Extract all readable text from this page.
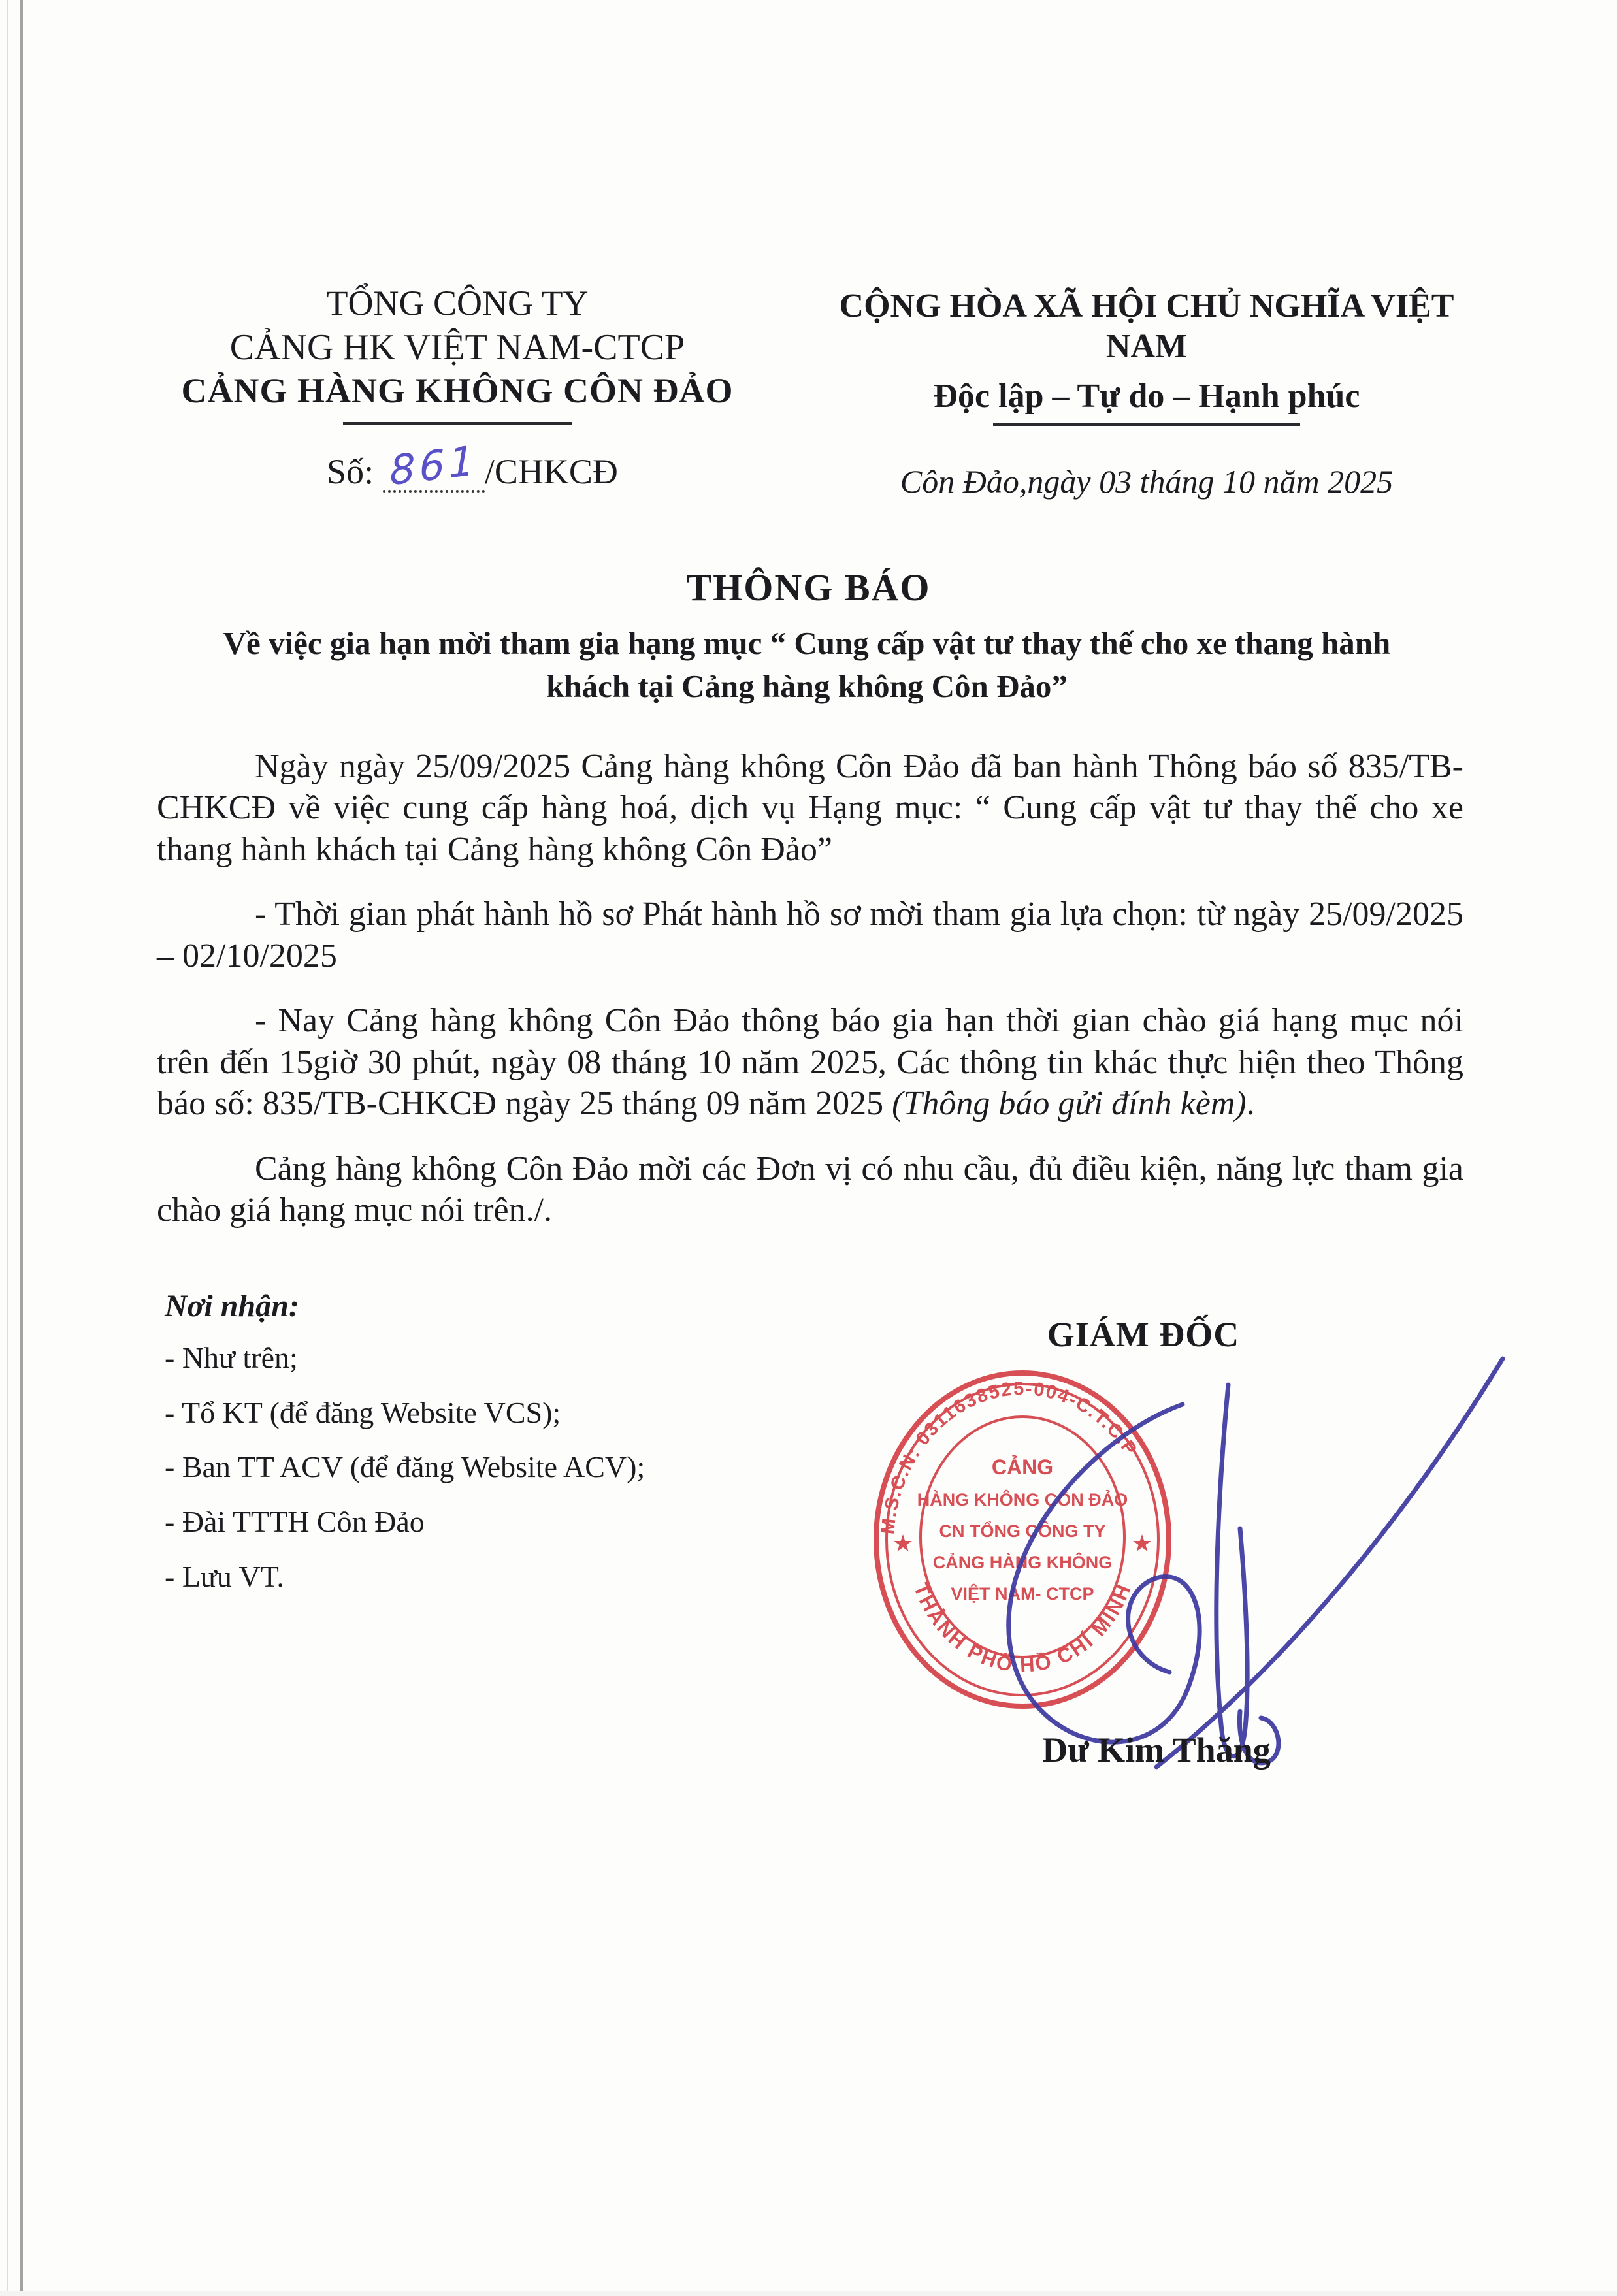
TỔNG CÔNG TY
CẢNG HK VIỆT NAM-CTCP
CẢNG HÀNG KHÔNG CÔN ĐẢO
Số: 861 /CHKCĐ
CỘNG HÒA XÃ HỘI CHỦ NGHĨA VIỆT NAM
Độc lập – Tự do – Hạnh phúc
Côn Đảo,ngày 03 tháng 10 năm 2025
THÔNG BÁO
Về việc gia hạn mời tham gia hạng mục “ Cung cấp vật tư thay thế cho xe thang hành khách tại Cảng hàng không Côn Đảo”

Ngày ngày 25/09/2025 Cảng hàng không Côn Đảo đã ban hành Thông báo số 835/TB- CHKCĐ về việc cung cấp hàng hoá, dịch vụ Hạng mục: “ Cung cấp vật tư thay thế cho xe thang hành khách tại Cảng hàng không Côn Đảo”

- Thời gian phát hành hồ sơ Phát hành hồ sơ mời tham gia lựa chọn: từ ngày 25/09/2025 – 02/10/2025

- Nay Cảng hàng không Côn Đảo thông báo gia hạn thời gian chào giá hạng mục nói trên đến 15giờ 30 phút, ngày 08 tháng 10 năm 2025, Các thông tin khác thực hiện theo Thông báo số: 835/TB-CHKCĐ ngày 25 tháng 09 năm 2025 (Thông báo gửi đính kèm).

Cảng hàng không Côn Đảo mời các Đơn vị có nhu cầu, đủ điều kiện, năng lực tham gia chào giá hạng mục nói trên./.

Nơi nhận:
- Như trên;
- Tổ KT (để đăng Website VCS);
- Ban TT ACV (để đăng Website ACV);
- Đài TTTH Côn Đảo
- Lưu VT.
GIÁM ĐỐC
M.S.C.N: 0311638525-004-C.T.C.P
THÀNH PHỐ HỒ CHÍ MINH
★	★
CẢNG
HÀNG KHÔNG CÔN ĐẢO
CN TỔNG CÔNG TY
CẢNG HÀNG KHÔNG
VIỆT NAM- CTCP
Dư Kim Thăng
